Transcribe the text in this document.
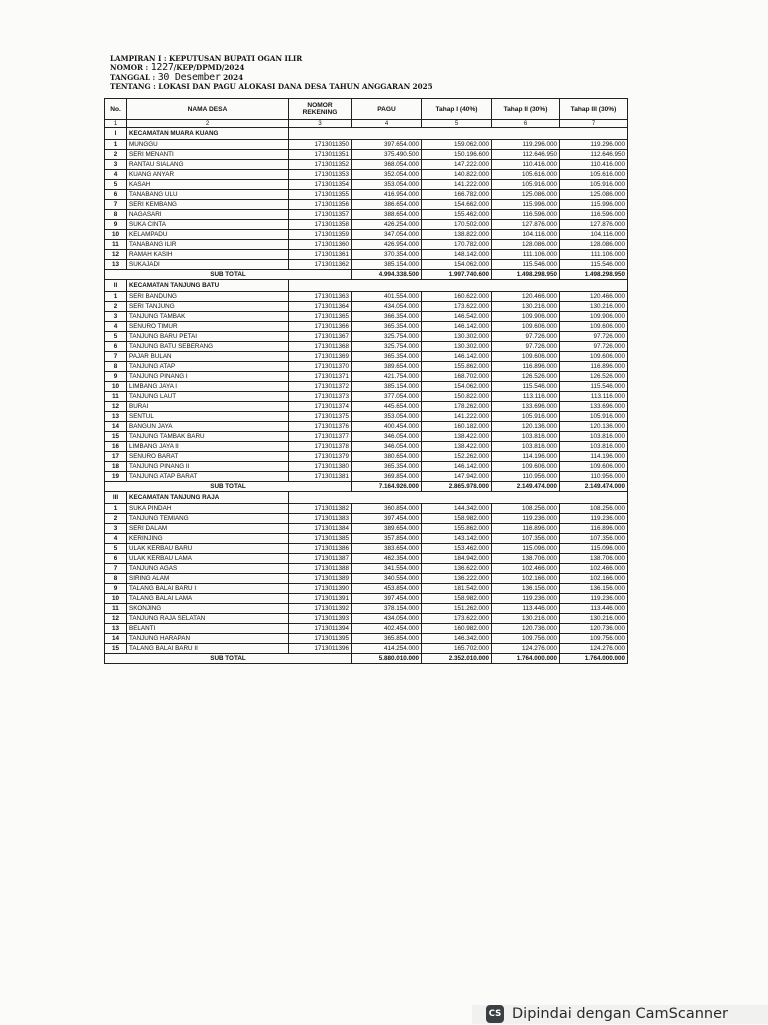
LAMPIRAN I : KEPUTUSAN BUPATI OGAN ILIR
NOMOR : 1227/KEP/DPMD/2024
TANGGAL : 30 Desember 2024
TENTANG : LOKASI DAN PAGU ALOKASI DANA DESA TAHUN ANGGARAN 2025
No.	NAMA DESA	NOMOR REKENING	PAGU	Tahap I (40%)	Tahap II (30%)	Tahap III (30%)
1	2	3	4	5	6	7
I	KECAMATAN MUARA KUANG					
1	MUNGGU	1713011350	397.654.000	159.062.000	119.296.000	119.296.000
2	SERI MENANTI	1713011351	375.490.500	150.196.600	112.646.950	112.646.950
3	RANTAU SIALANG	1713011352	368.054.000	147.222.000	110.416.000	110.416.000
4	KUANG ANYAR	1713011353	352.054.000	140.822.000	105.616.000	105.616.000
5	KASAH	1713011354	353.054.000	141.222.000	105.916.000	105.916.000
6	TANABANG ULU	1713011355	416.954.000	166.782.000	125.086.000	125.086.000
7	SERI KEMBANG	1713011356	386.654.000	154.662.000	115.996.000	115.996.000
8	NAGASARI	1713011357	388.654.000	155.462.000	116.596.000	116.596.000
9	SUKA CINTA	1713011358	426.254.000	170.502.000	127.876.000	127.876.000
10	KELAMPADU	1713011359	347.054.000	138.822.000	104.116.000	104.116.000
11	TANABANG ILIR	1713011360	426.954.000	170.782.000	128.086.000	128.086.000
12	RAMAH KASIH	1713011361	370.354.000	148.142.000	111.106.000	111.106.000
13	SUKAJADI	1713011362	385.154.000	154.062.000	115.546.000	115.546.000
SUB TOTAL			4.994.338.500	1.997.740.600	1.498.298.950	1.498.298.950
II	KECAMATAN TANJUNG BATU					
1	SERI BANDUNG	1713011363	401.554.000	160.622.000	120.466.000	120.466.000
2	SERI TANJUNG	1713011364	434.054.000	173.622.000	130.216.000	130.216.000
3	TANJUNG TAMBAK	1713011365	366.354.000	146.542.000	109.906.000	109.906.000
4	SENURO TIMUR	1713011366	365.354.000	146.142.000	109.606.000	109.606.000
5	TANJUNG BARU PETAI	1713011367	325.754.000	130.302.000	97.726.000	97.726.000
6	TANJUNG BATU SEBERANG	1713011368	325.754.000	130.302.000	97.726.000	97.726.000
7	PAJAR BULAN	1713011369	365.354.000	146.142.000	109.606.000	109.606.000
8	TANJUNG ATAP	1713011370	389.654.000	155.862.000	116.896.000	116.896.000
9	TANJUNG PINANG I	1713011371	421.754.000	168.702.000	126.526.000	126.526.000
10	LIMBANG JAYA I	1713011372	385.154.000	154.062.000	115.546.000	115.546.000
11	TANJUNG LAUT	1713011373	377.054.000	150.822.000	113.116.000	113.116.000
12	BURAI	1713011374	445.654.000	178.262.000	133.696.000	133.696.000
13	SENTUL	1713011375	353.054.000	141.222.000	105.916.000	105.916.000
14	BANGUN JAYA	1713011376	400.454.000	160.182.000	120.136.000	120.136.000
15	TANJUNG TAMBAK BARU	1713011377	346.054.000	138.422.000	103.816.000	103.816.000
16	LIMBANG JAYA II	1713011378	346.054.000	138.422.000	103.816.000	103.816.000
17	SENURO BARAT	1713011379	380.654.000	152.262.000	114.196.000	114.196.000
18	TANJUNG PINANG II	1713011380	365.354.000	146.142.000	109.606.000	109.606.000
19	TANJUNG ATAP BARAT	1713011381	369.854.000	147.942.000	110.956.000	110.956.000
SUB TOTAL			7.164.926.000	2.865.978.000	2.149.474.000	2.149.474.000
III	KECAMATAN TANJUNG RAJA					
1	SUKA PINDAH	1713011382	360.854.000	144.342.000	108.256.000	108.256.000
2	TANJUNG TEMIANG	1713011383	397.454.000	158.982.000	119.236.000	119.236.000
3	SERI DALAM	1713011384	389.654.000	155.862.000	116.896.000	116.896.000
4	KERINJING	1713011385	357.854.000	143.142.000	107.356.000	107.356.000
5	ULAK KERBAU BARU	1713011386	383.654.000	153.462.000	115.096.000	115.096.000
6	ULAK KERBAU LAMA	1713011387	462.354.000	184.942.000	138.706.000	138.706.000
7	TANJUNG AGAS	1713011388	341.554.000	136.622.000	102.466.000	102.466.000
8	SIRING ALAM	1713011389	340.554.000	136.222.000	102.166.000	102.166.000
9	TALANG BALAI BARU I	1713011390	453.854.000	181.542.000	136.156.000	136.156.000
10	TALANG BALAI LAMA	1713011391	397.454.000	158.982.000	119.236.000	119.236.000
11	SKONJING	1713011392	378.154.000	151.262.000	113.446.000	113.446.000
12	TANJUNG RAJA SELATAN	1713011393	434.054.000	173.622.000	130.216.000	130.216.000
13	BELANTI	1713011394	402.454.000	160.982.000	120.736.000	120.736.000
14	TANJUNG HARAPAN	1713011395	365.854.000	146.342.000	109.756.000	109.756.000
15	TALANG BALAI BARU II	1713011396	414.254.000	165.702.000	124.276.000	124.276.000
SUB TOTAL			5.880.010.000	2.352.010.000	1.764.000.000	1.764.000.000
CS Dipindai dengan CamScanner
